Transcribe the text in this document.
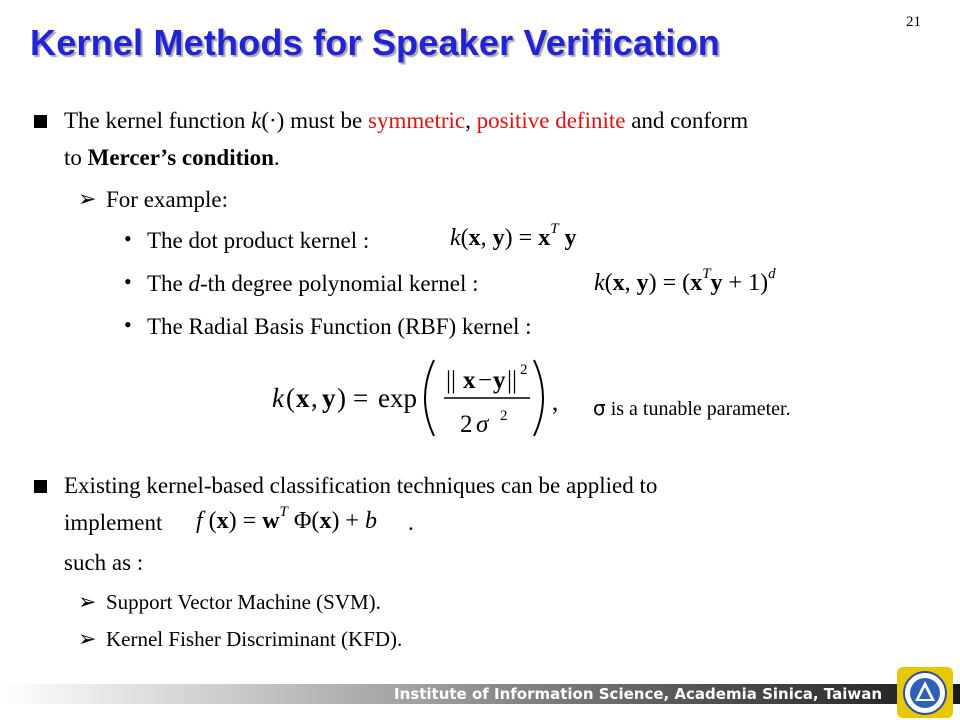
21
Kernel Methods for Speaker Verification
The kernel function k(·) must be symmetric, positive definite and conform
to Mercer’s condition.
➢ For example:
• The dot product kernel :	k(x, $y) = x^T$ y
• The d-th degree polynomial kernel :	k(x, $y) = (x^Ty + 1)^d$
• The Radial Basis Function (RBF) kernel :
k ( x , y ) = exp
|| x − y || 2
2 σ 2 , σ is a tunable parameter.
Existing kernel-based classification techniques can be applied to
implement f $(x) = w^T$ Φ(x) + b .
such as :
➢ Support Vector Machine (SVM).
➢ Kernel Fisher Discriminant (KFD).
Institute of Information Science, Academia Sinica, Taiwan
